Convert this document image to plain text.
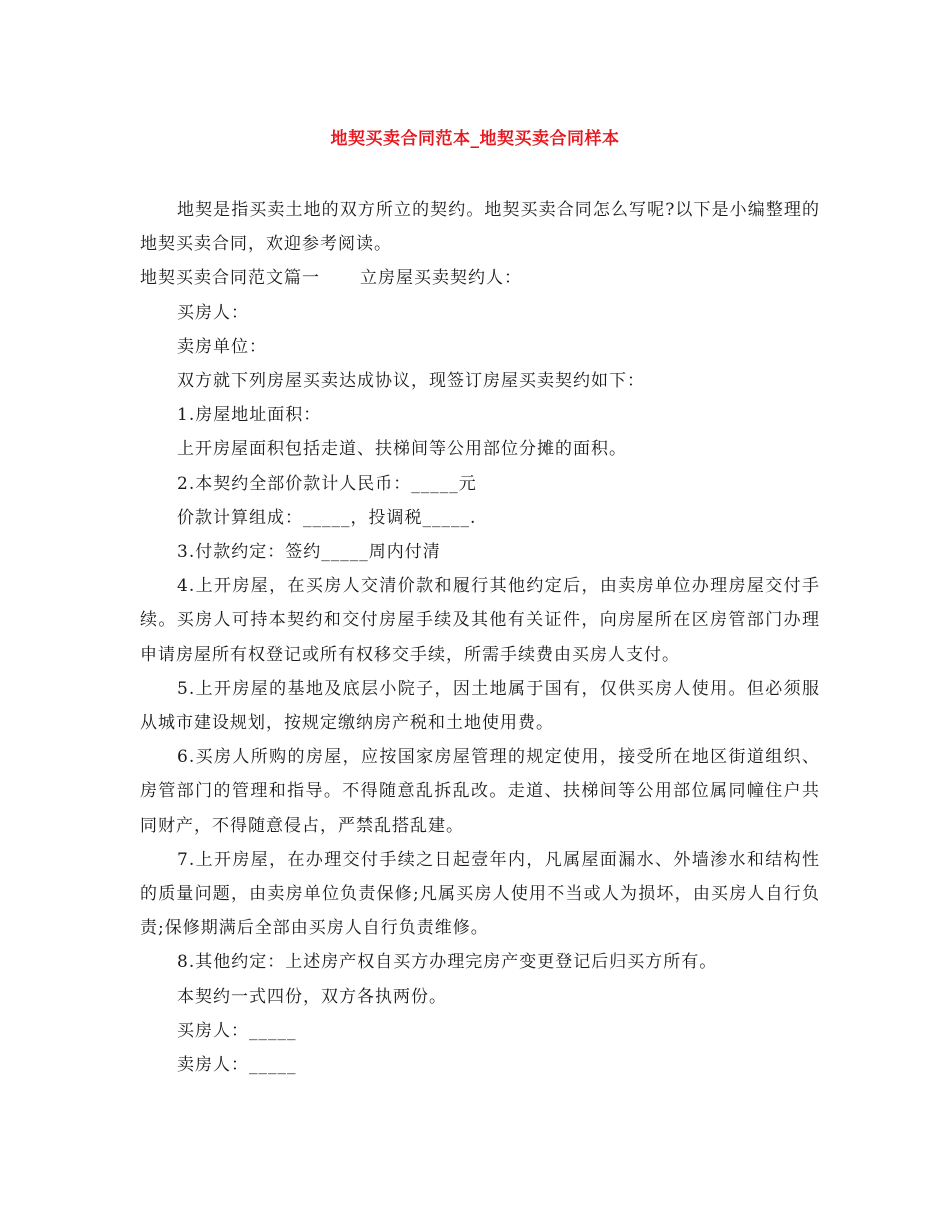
地契买卖合同范本_地契买卖合同样本

地契是指买卖土地的双方所立的契约。地契买卖合同怎么写呢?以下是小编整理的地契买卖合同，欢迎参考阅读。

地契买卖合同范文篇一 立房屋买卖契约人：

买房人：

卖房单位：

双方就下列房屋买卖达成协议，现签订房屋买卖契约如下：

1.房屋地址面积：

上开房屋面积包括走道、扶梯间等公用部位分摊的面积。

2.本契约全部价款计人民币：_____元

价款计算组成：_____，投调税_____.

3.付款约定：签约_____周内付清

4.上开房屋，在买房人交清价款和履行其他约定后，由卖房单位办理房屋交付手续。买房人可持本契约和交付房屋手续及其他有关证件，向房屋所在区房管部门办理申请房屋所有权登记或所有权移交手续，所需手续费由买房人支付。

5.上开房屋的基地及底层小院子，因土地属于国有，仅供买房人使用。但必须服从城市建设规划，按规定缴纳房产税和土地使用费。

6.买房人所购的房屋，应按国家房屋管理的规定使用，接受所在地区街道组织、房管部门的管理和指导。不得随意乱拆乱改。走道、扶梯间等公用部位属同幢住户共同财产，不得随意侵占，严禁乱搭乱建。

7.上开房屋，在办理交付手续之日起壹年内，凡属屋面漏水、外墙渗水和结构性的质量问题，由卖房单位负责保修;凡属买房人使用不当或人为损坏，由买房人自行负责;保修期满后全部由买房人自行负责维修。

8.其他约定：上述房产权自买方办理完房产变更登记后归买方所有。

本契约一式四份，双方各执两份。

买房人：_____

卖房人：_____
